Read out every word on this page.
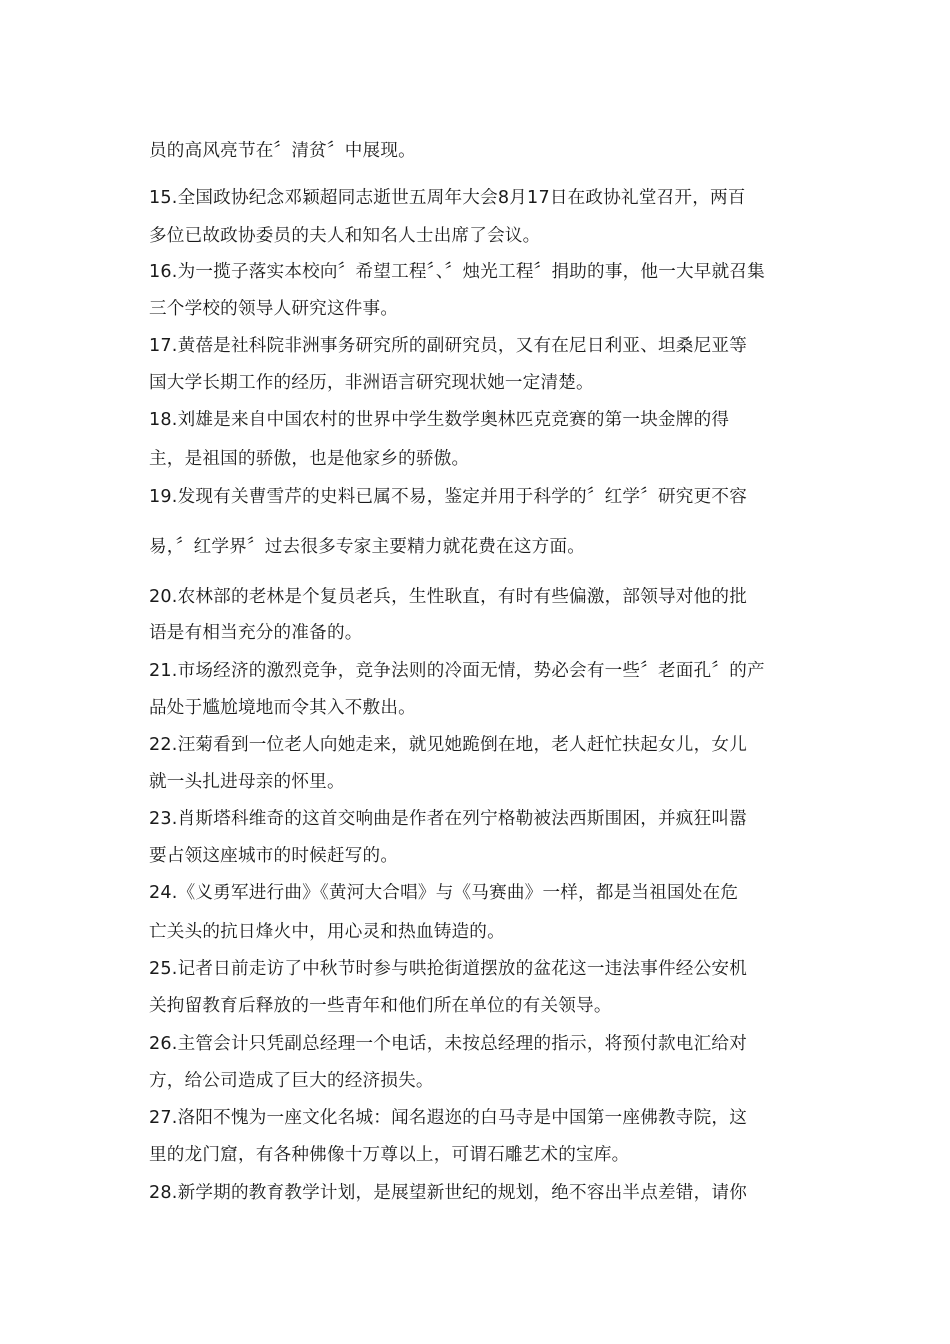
员的高风亮节在〞清贫〞中展现。
15.全国政协纪念邓颖超同志逝世五周年大会8月17日在政协礼堂召开，两百
多位已故政协委员的夫人和知名人士出席了会议。
16.为一揽子落实本校向〞希望工程〞、〞烛光工程〞捐助的事，他一大早就召集
三个学校的领导人研究这件事。
17.黄蓓是社科院非洲事务研究所的副研究员，又有在尼日利亚、坦桑尼亚等
国大学长期工作的经历，非洲语言研究现状她一定清楚。
18.刘雄是来自中国农村的世界中学生数学奥林匹克竞赛的第一块金牌的得
主，是祖国的骄傲，也是他家乡的骄傲。
19.发现有关曹雪芹的史料已属不易，鉴定并用于科学的〞红学〞研究更不容
易，〞红学界〞过去很多专家主要精力就花费在这方面。
20.农林部的老林是个复员老兵，生性耿直，有时有些偏激，部领导对他的批
语是有相当充分的准备的。
21.市场经济的激烈竞争，竞争法则的冷面无情，势必会有一些〞老面孔〞的产
品处于尴尬境地而令其入不敷出。
22.汪菊看到一位老人向她走来，就见她跪倒在地，老人赶忙扶起女儿，女儿
就一头扎进母亲的怀里。
23.肖斯塔科维奇的这首交响曲是作者在列宁格勒被法西斯围困，并疯狂叫嚣
要占领这座城市的时候赶写的。
24.《义勇军进行曲》《黄河大合唱》与《马赛曲》一样，都是当祖国处在危
亡关头的抗日烽火中，用心灵和热血铸造的。
25.记者日前走访了中秋节时参与哄抢街道摆放的盆花这一违法事件经公安机
关拘留教育后释放的一些青年和他们所在单位的有关领导。
26.主管会计只凭副总经理一个电话，未按总经理的指示，将预付款电汇给对
方，给公司造成了巨大的经济损失。
27.洛阳不愧为一座文化名城：闻名遐迩的白马寺是中国第一座佛教寺院，这
里的龙门窟，有各种佛像十万尊以上，可谓石雕艺术的宝库。
28.新学期的教育教学计划，是展望新世纪的规划，绝不容出半点差错，请你
